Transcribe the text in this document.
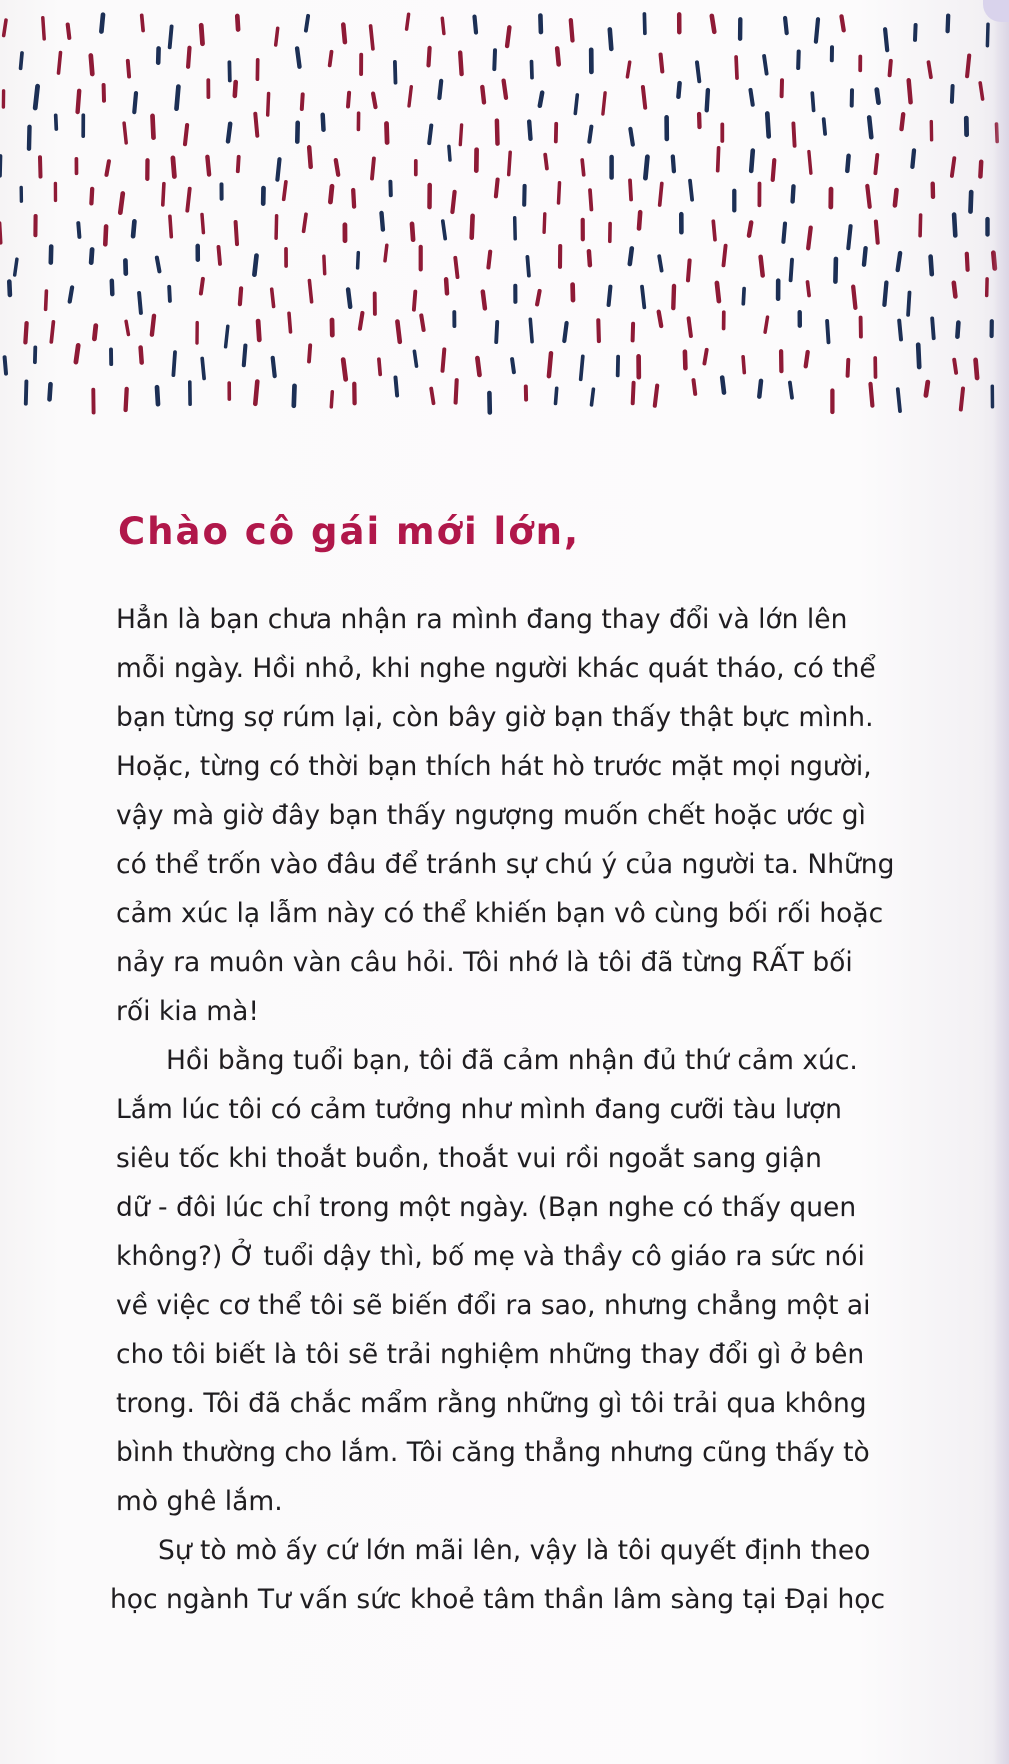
Chào cô gái mới lớn,

Hẳn là bạn chưa nhận ra mình đang thay đổi và lớn lên

mỗi ngày. Hồi nhỏ, khi nghe người khác quát tháo, có thể

bạn từng sợ rúm lại, còn bây giờ bạn thấy thật bực mình.

Hoặc, từng có thời bạn thích hát hò trước mặt mọi người,

vậy mà giờ đây bạn thấy ngượng muốn chết hoặc ước gì

có thể trốn vào đâu để tránh sự chú ý của người ta. Những

cảm xúc lạ lẫm này có thể khiến bạn vô cùng bối rối hoặc

nảy ra muôn vàn câu hỏi. Tôi nhớ là tôi đã từng RẤT bối

rối kia mà!

Hồi bằng tuổi bạn, tôi đã cảm nhận đủ thứ cảm xúc.

Lắm lúc tôi có cảm tưởng như mình đang cưỡi tàu lượn

siêu tốc khi thoắt buồn, thoắt vui rồi ngoắt sang giận

dữ - đôi lúc chỉ trong một ngày. (Bạn nghe có thấy quen

không?) Ở tuổi dậy thì, bố mẹ và thầy cô giáo ra sức nói

về việc cơ thể tôi sẽ biến đổi ra sao, nhưng chẳng một ai

cho tôi biết là tôi sẽ trải nghiệm những thay đổi gì ở bên

trong. Tôi đã chắc mẩm rằng những gì tôi trải qua không

bình thường cho lắm. Tôi căng thẳng nhưng cũng thấy tò

mò ghê lắm.

Sự tò mò ấy cứ lớn mãi lên, vậy là tôi quyết định theo

học ngành Tư vấn sức khoẻ tâm thần lâm sàng tại Đại học
